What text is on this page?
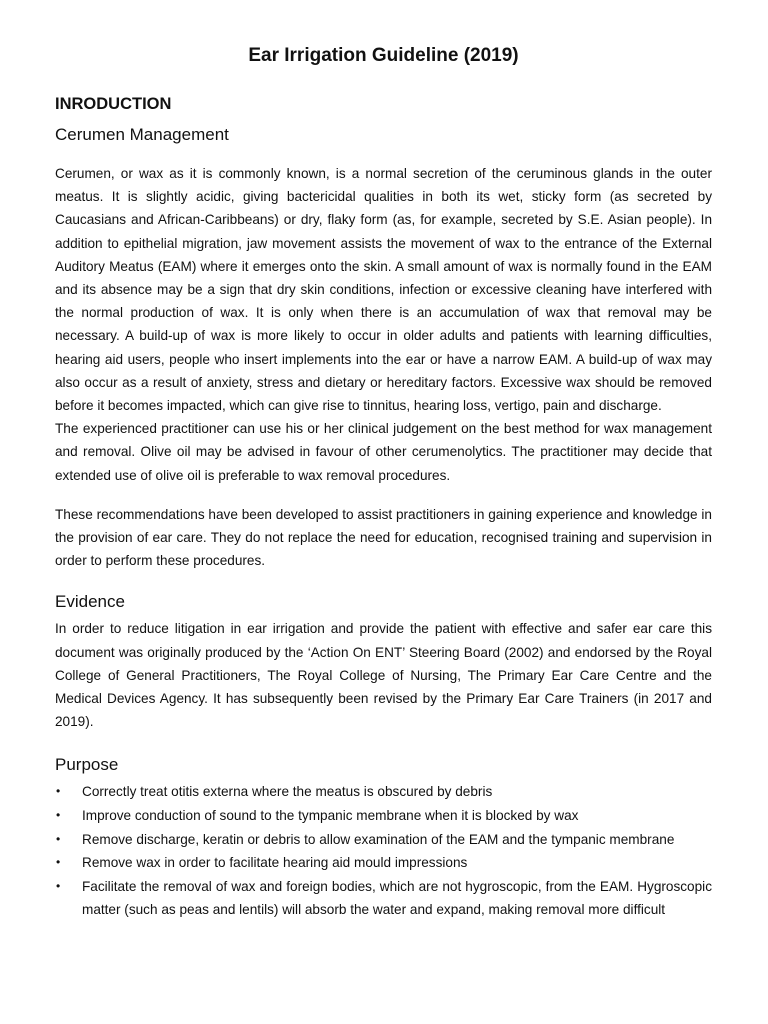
Ear Irrigation Guideline (2019)
INRODUCTION
Cerumen Management

Cerumen, or wax as it is commonly known, is a normal secretion of the ceruminous glands in the outer meatus. It is slightly acidic, giving bactericidal qualities in both its wet, sticky form (as secreted by Caucasians and African-Caribbeans) or dry, flaky form (as, for example, secreted by S.E. Asian people). In addition to epithelial migration, jaw movement assists the movement of wax to the entrance of the External Auditory Meatus (EAM) where it emerges onto the skin. A small amount of wax is normally found in the EAM and its absence may be a sign that dry skin conditions, infection or excessive cleaning have interfered with the normal production of wax. It is only when there is an accumulation of wax that removal may be necessary. A build-up of wax is more likely to occur in older adults and patients with learning difficulties, hearing aid users, people who insert implements into the ear or have a narrow EAM. A build-up of wax may also occur as a result of anxiety, stress and dietary or hereditary factors. Excessive wax should be removed before it becomes impacted, which can give rise to tinnitus, hearing loss, vertigo, pain and discharge.

The experienced practitioner can use his or her clinical judgement on the best method for wax management and removal. Olive oil may be advised in favour of other cerumenolytics. The practitioner may decide that extended use of olive oil is preferable to wax removal procedures.

These recommendations have been developed to assist practitioners in gaining experience and knowledge in the provision of ear care. They do not replace the need for education, recognised training and supervision in order to perform these procedures.

Evidence

In order to reduce litigation in ear irrigation and provide the patient with effective and safer ear care this document was originally produced by the ‘Action On ENT’ Steering Board (2002) and endorsed by the Royal College of General Practitioners, The Royal College of Nursing, The Primary Ear Care Centre and the Medical Devices Agency. It has subsequently been revised by the Primary Ear Care Trainers (in 2017 and 2019).

Purpose
• Correctly treat otitis externa where the meatus is obscured by debris
• Improve conduction of sound to the tympanic membrane when it is blocked by wax
• Remove discharge, keratin or debris to allow examination of the EAM and the tympanic membrane
• Remove wax in order to facilitate hearing aid mould impressions
• Facilitate the removal of wax and foreign bodies, which are not hygroscopic, from the EAM. Hygroscopic matter (such as peas and lentils) will absorb the water and expand, making removal more difficult
